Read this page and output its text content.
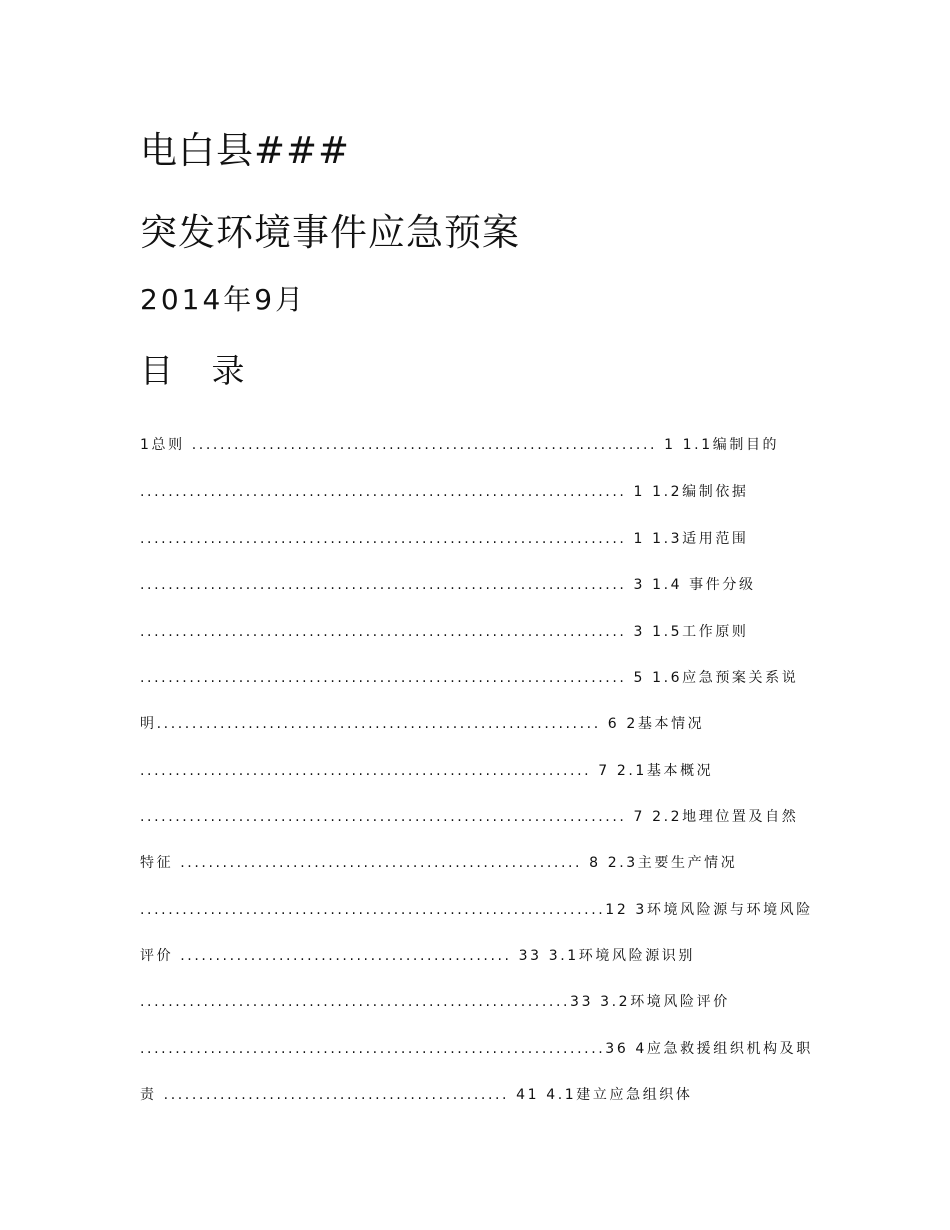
电白县###
突发环境事件应急预案
2014年9月
目 录
1总则 .................................................................. 1 1.1编制目的
..................................................................... 1 1.2编制依据
..................................................................... 1 1.3适用范围
..................................................................... 3 1.4 事件分级
..................................................................... 3 1.5工作原则
..................................................................... 5 1.6应急预案关系说
明............................................................... 6 2基本情况
................................................................ 7 2.1基本概况
..................................................................... 7 2.2地理位置及自然
特征 ......................................................... 8 2.3主要生产情况
..................................................................12 3环境风险源与环境风险
评价 ............................................... 33 3.1环境风险源识别
.............................................................33 3.2环境风险评价
..................................................................36 4应急救援组织机构及职
责 ................................................. 41 4.1建立应急组织体
